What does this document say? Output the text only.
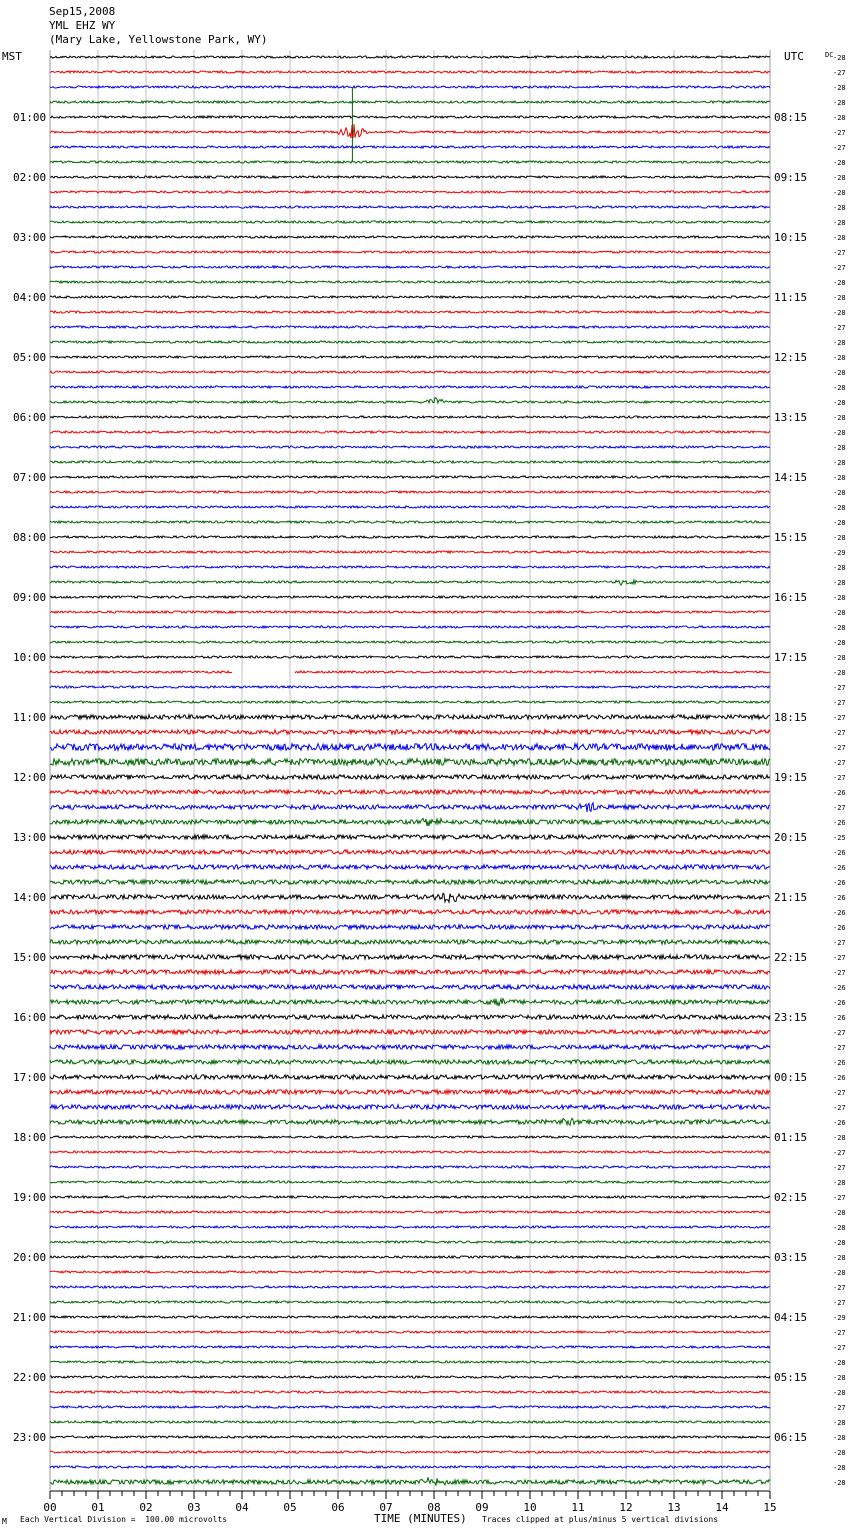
Sep15,2008
YML EHZ WY
(Mary Lake, Yellowstone Park, WY)
01:00
02:00
03:00
04:00
05:00
06:00
07:00
08:00
09:00
10:00
11:00
12:00
13:00
14:00
15:00
16:00
17:00
18:00
19:00
20:00
21:00
22:00
23:00
08:15
09:15
10:15
11:15
12:15
13:15
14:15
15:15
16:15
17:15
18:15
19:15
20:15
21:15
22:15
23:15
00:15
01:15
02:15
03:15
04:15
05:15
06:15
-28
-27
-28
-28
-28
-27
-27
-28
-28
-28
-28
-28
-28
-27
-27
-28
-28
-28
-27
-28
-28
-28
-28
-28
-28
-28
-28
-28
-28
-28
-28
-28
-28
-29
-28
-28
-28
-28
-28
-28
-28
-28
-27
-27
-27
-27
-27
-27
-27
-26
-27
-26
-25
-26
-26
-26
-26
-26
-26
-27
-27
-27
-26
-26
-26
-27
-27
-26
-26
-27
-27
-26
-28
-27
-27
-28
-27
-28
-28
-28
-28
-28
-27
-27
-29
-27
-27
-28
-28
-28
-27
-28
-28
-28
-28
-28
00	01	02	03	04	05	06	07	08	09	10	11	12	13	14	15
MST	UTC	DC
M Each Vertical Division =  100.00 microvolts	TIME (MINUTES) Traces clipped at plus/minus 5 vertical divisions
